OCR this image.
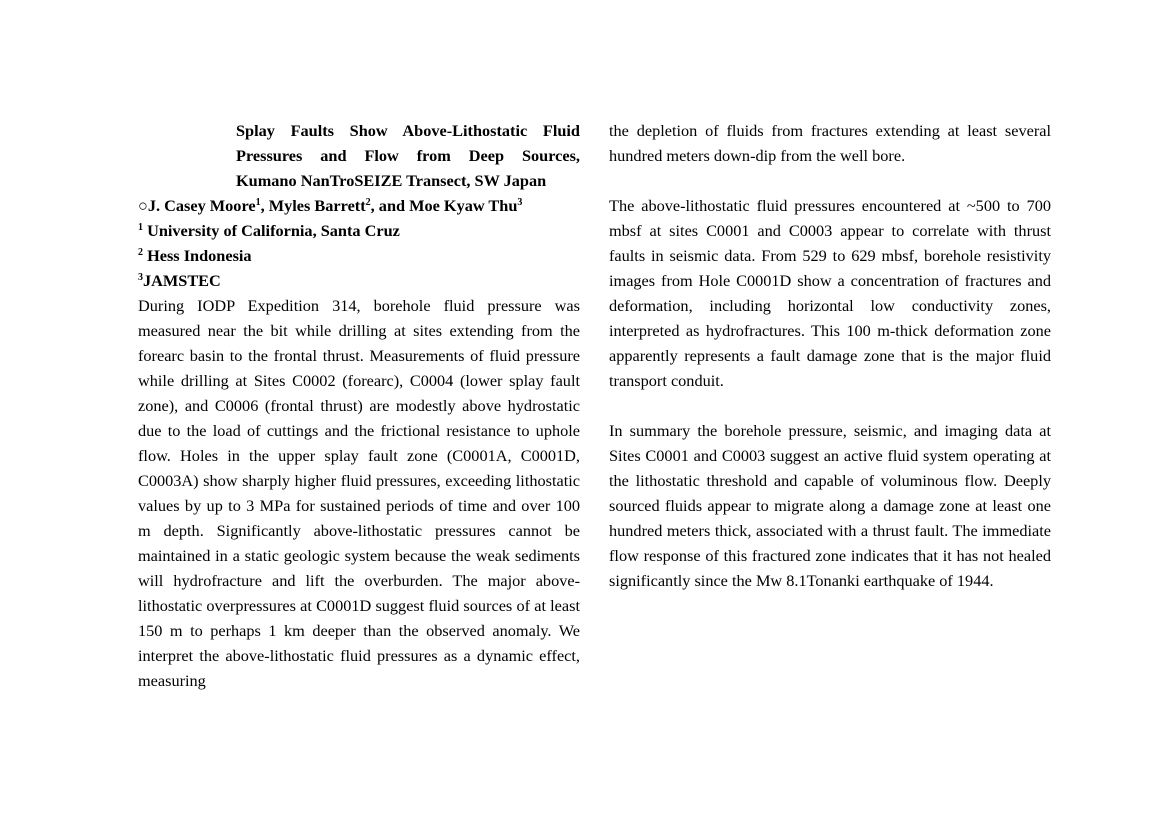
Splay Faults Show Above-Lithostatic Fluid
Pressures and Flow from Deep Sources,
Kumano NanTroSEIZE Transect, SW Japan
○J. Casey Moore$^1$, Myles Barrett$^2$, and Moe Kyaw Thu$^3$
$^1$ University of California, Santa Cruz
$^2$ Hess Indonesia
$^3$JAMSTEC

During IODP Expedition 314, borehole fluid pressure was measured near the bit while drilling at sites extending from the forearc basin to the frontal thrust. Measurements of fluid pressure while drilling at Sites C0002 (forearc), C0004 (lower splay fault zone), and C0006 (frontal thrust) are modestly above hydrostatic due to the load of cuttings and the frictional resistance to uphole flow. Holes in the upper splay fault zone (C0001A, C0001D, C0003A) show sharply higher fluid pressures, exceeding lithostatic values by up to 3 MPa for sustained periods of time and over 100 m depth. Significantly above-lithostatic pressures cannot be maintained in a static geologic system because the weak sediments will hydrofracture and lift the overburden. The major above-lithostatic overpressures at C0001D suggest fluid sources of at least 150 m to perhaps 1 km deeper than the observed anomaly. We interpret the above-lithostatic fluid pressures as a dynamic effect, measuring

the depletion of fluids from fractures extending at least several hundred meters down-dip from the well bore.

The above-lithostatic fluid pressures encountered at ~500 to 700 mbsf at sites C0001 and C0003 appear to correlate with thrust faults in seismic data. From 529 to 629 mbsf, borehole resistivity images from Hole C0001D show a concentration of fractures and deformation, including horizontal low conductivity zones, interpreted as hydrofractures. This 100 m-thick deformation zone apparently represents a fault damage zone that is the major fluid transport conduit.

In summary the borehole pressure, seismic, and imaging data at Sites C0001 and C0003 suggest an active fluid system operating at the lithostatic threshold and capable of voluminous flow. Deeply sourced fluids appear to migrate along a damage zone at least one hundred meters thick, associated with a thrust fault. The immediate flow response of this fractured zone indicates that it has not healed significantly since the Mw 8.1Tonanki earthquake of 1944.
